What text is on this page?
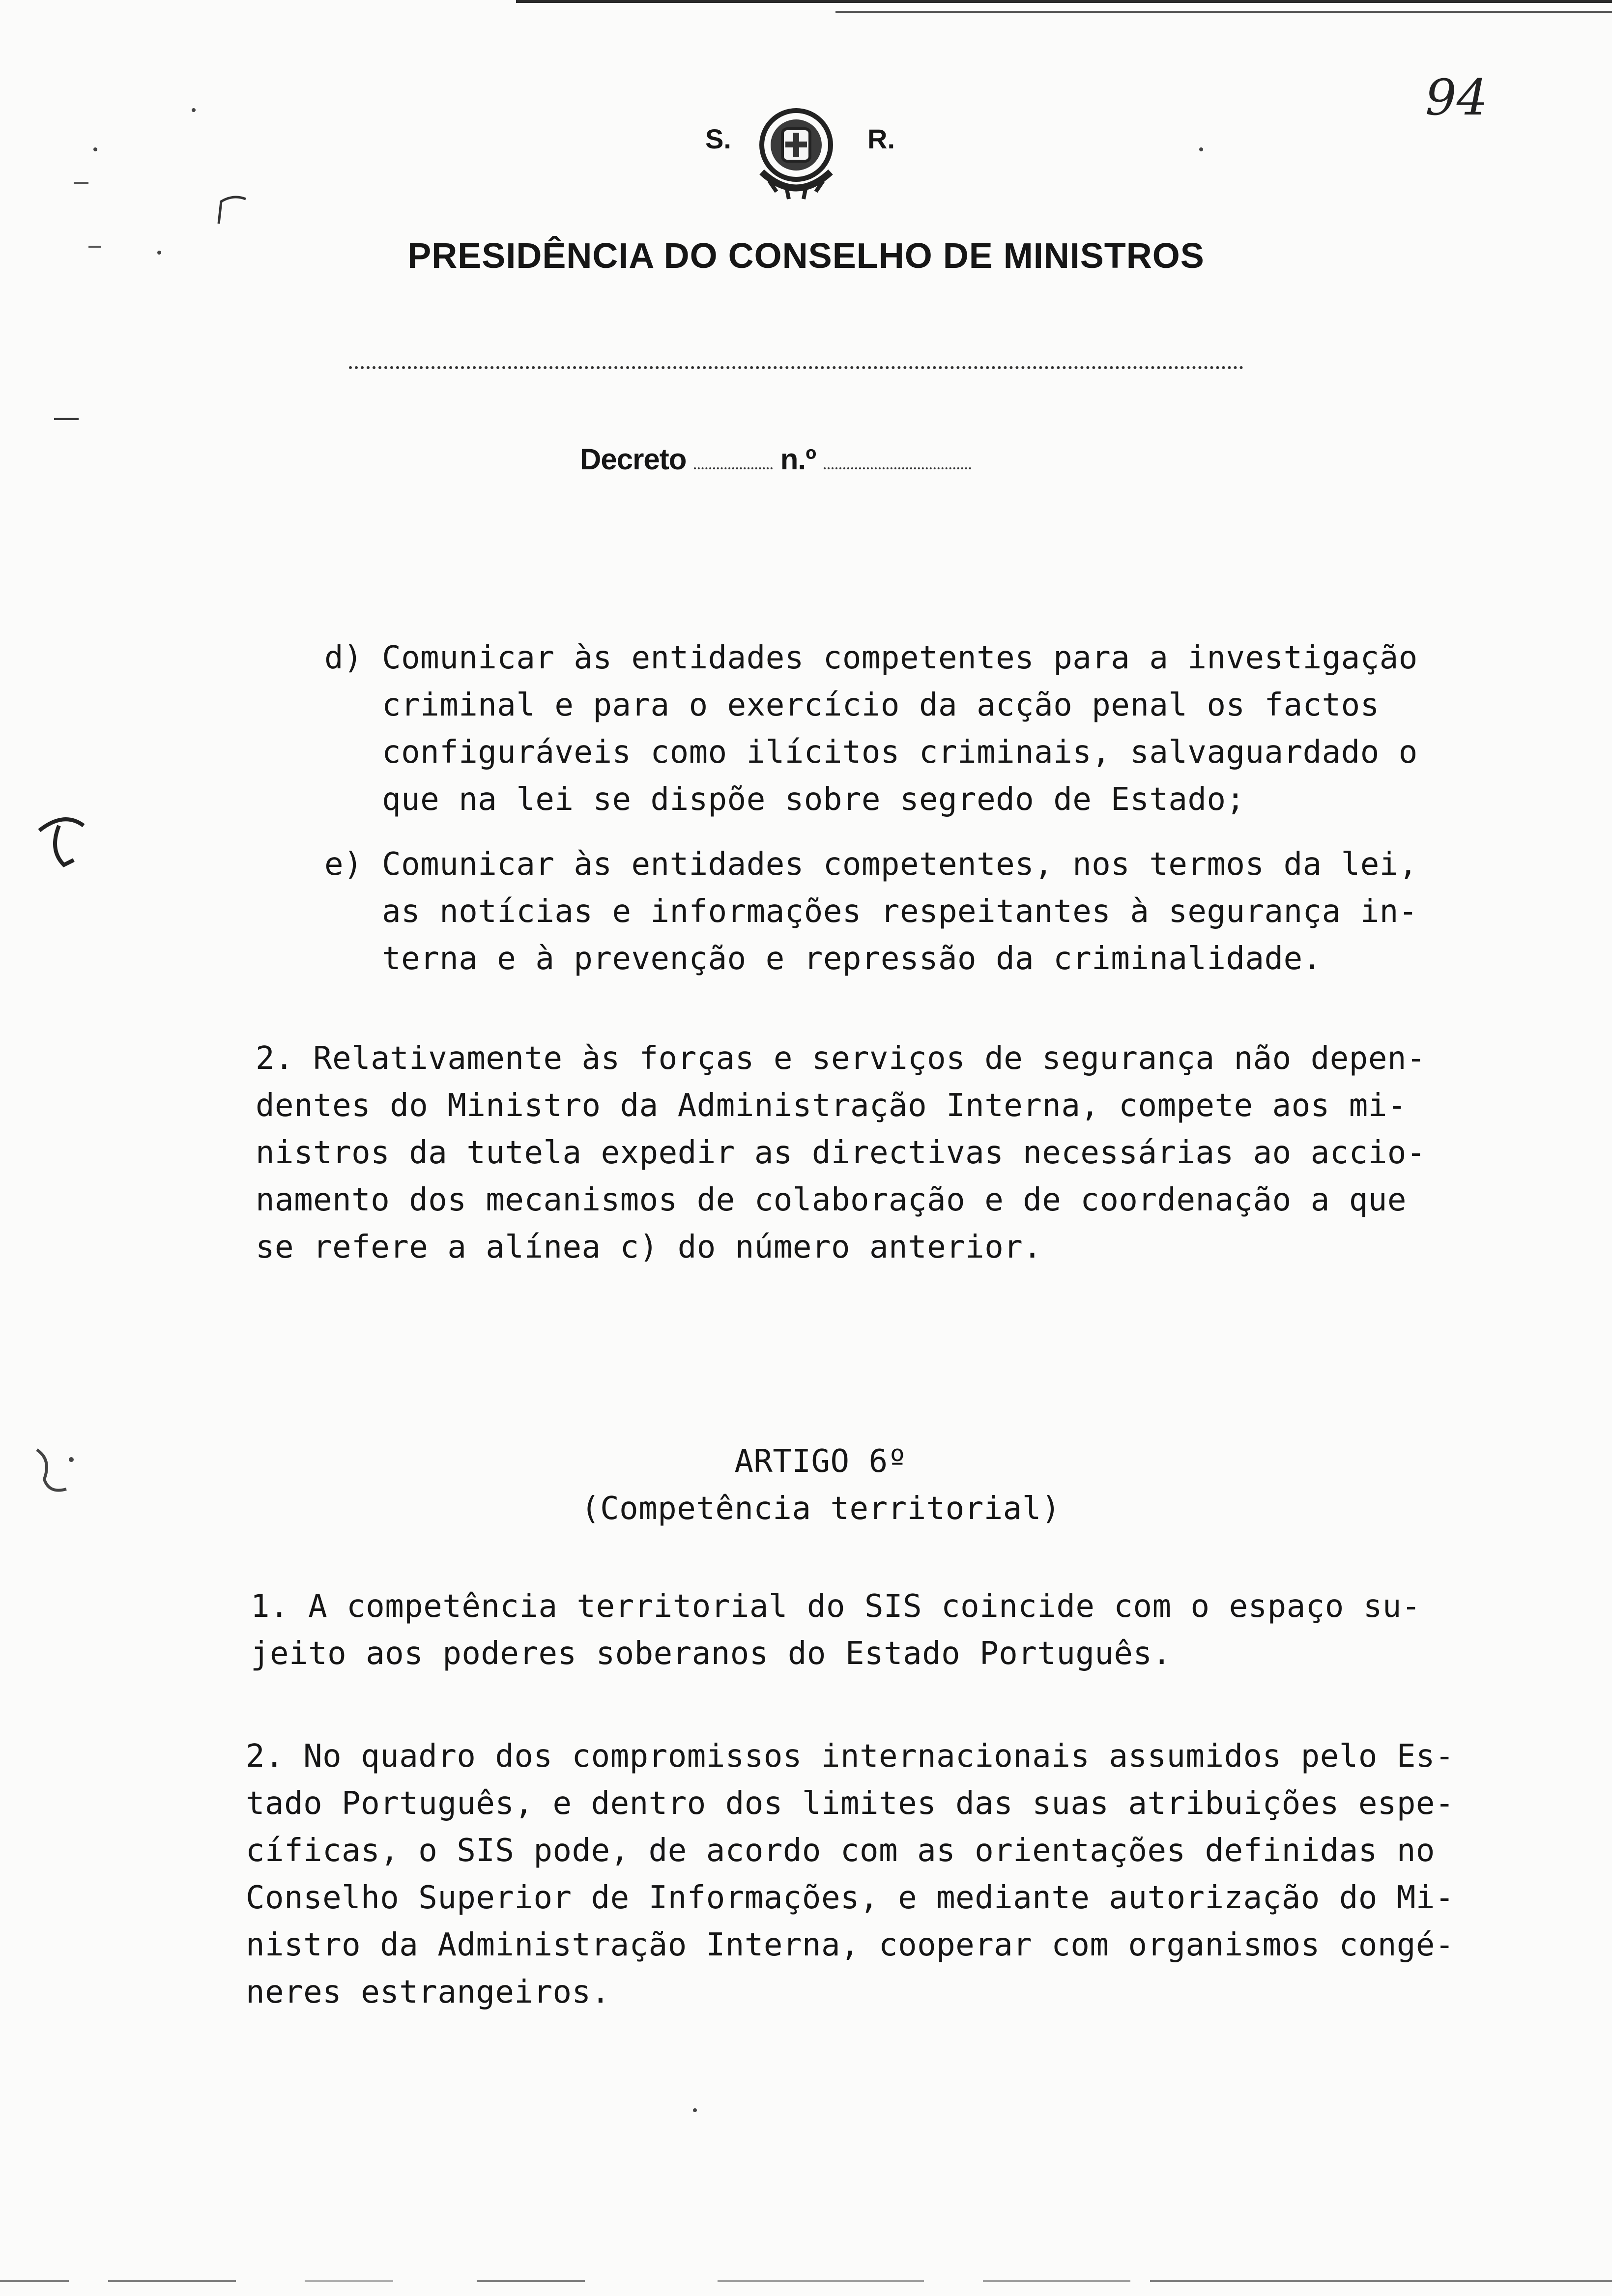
94
S.	R.
PRESIDÊNCIA DO CONSELHO DE MINISTROS
Decreto	n.º

d) Comunicar às entidades competentes para a investigação
criminal e para o exercício da acção penal os factos
configuráveis como ilícitos criminais, salvaguardado o
que na lei se dispõe sobre segredo de Estado;

e) Comunicar às entidades competentes, nos termos da lei,
as notícias e informações respeitantes à segurança in-
terna e à prevenção e repressão da criminalidade.

2. Relativamente às forças e serviços de segurança não depen-
dentes do Ministro da Administração Interna, compete aos mi-
nistros da tutela expedir as directivas necessárias ao accio-
namento dos mecanismos de colaboração e de coordenação a que
se refere a alínea c) do número anterior.

ARTIGO 6º
(Competência territorial)

1. A competência territorial do SIS coincide com o espaço su-
jeito aos poderes soberanos do Estado Português.

2. No quadro dos compromissos internacionais assumidos pelo Es-
tado Português, e dentro dos limites das suas atribuições espe-
cíficas, o SIS pode, de acordo com as orientações definidas no
Conselho Superior de Informações, e mediante autorização do Mi-
nistro da Administração Interna, cooperar com organismos congé-
neres estrangeiros.
